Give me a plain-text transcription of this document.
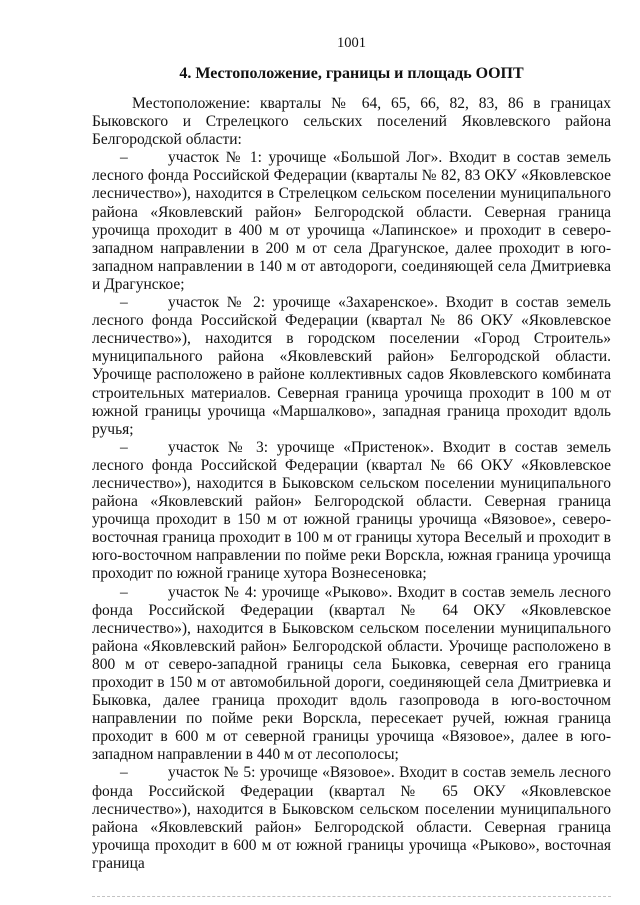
1001
4. Местоположение, границы и площадь ООПТ

Местоположение: кварталы № 64, 65, 66, 82, 83, 86 в границах Быковского и Стрелецкого сельских поселений Яковлевского района Белгородской области:

–	участок № 1: урочище «Большой Лог». Входит в состав земель лесного фонда Российской Федерации (кварталы № 82, 83 ОКУ «Яковлевское лесничество»), находится в Стрелецком сельском поселении муниципального района «Яковлевский район» Белгородской области. Северная граница урочища проходит в 400 м от урочища «Лапинское» и проходит в северо-западном направлении в 200 м от села Драгунское, далее проходит в юго-западном направлении в 140 м от автодороги, соединяющей села Дмитриевка и Драгунское;

–	участок № 2: урочище «Захаренское». Входит в состав земель лесного фонда Российской Федерации (квартал № 86 ОКУ «Яковлевское лесничество»), находится в городском поселении «Город Строитель» муниципального района «Яковлевский район» Белгородской области. Урочище расположено в районе коллективных садов Яковлевского комбината строительных материалов. Северная граница урочища проходит в 100 м от южной границы урочища «Маршалково», западная граница проходит вдоль ручья;

–	участок № 3: урочище «Пристенок». Входит в состав земель лесного фонда Российской Федерации (квартал № 66 ОКУ «Яковлевское лесничество»), находится в Быковском сельском поселении муниципального района «Яковлевский район» Белгородской области. Северная граница урочища проходит в 150 м от южной границы урочища «Вязовое», северо-восточная граница проходит в 100 м от границы хутора Веселый и проходит в юго-восточном направлении по пойме реки Ворскла, южная граница урочища проходит по южной границе хутора Вознесеновка;

–	участок № 4: урочище «Рыково». Входит в состав земель лесного фонда Российской Федерации (квартал № 64 ОКУ «Яковлевское лесничество»), находится в Быковском сельском поселении муниципального района «Яковлевский район» Белгородской области. Урочище расположено в 800 м от северо-западной границы села Быковка, северная его граница проходит в 150 м от автомобильной дороги, соединяющей села Дмитриевка и Быковка, далее граница проходит вдоль газопровода в юго-восточном направлении по пойме реки Ворскла, пересекает ручей, южная граница проходит в 600 м от северной границы урочища «Вязовое», далее в юго-западном направлении в 440 м от лесополосы;

–	участок № 5: урочище «Вязовое». Входит в состав земель лесного фонда Российской Федерации (квартал № 65 ОКУ «Яковлевское лесничество»), находится в Быковском сельском поселении муниципального района «Яковлевский район» Белгородской области. Северная граница урочища проходит в 600 м от южной границы урочища «Рыково», восточная граница
